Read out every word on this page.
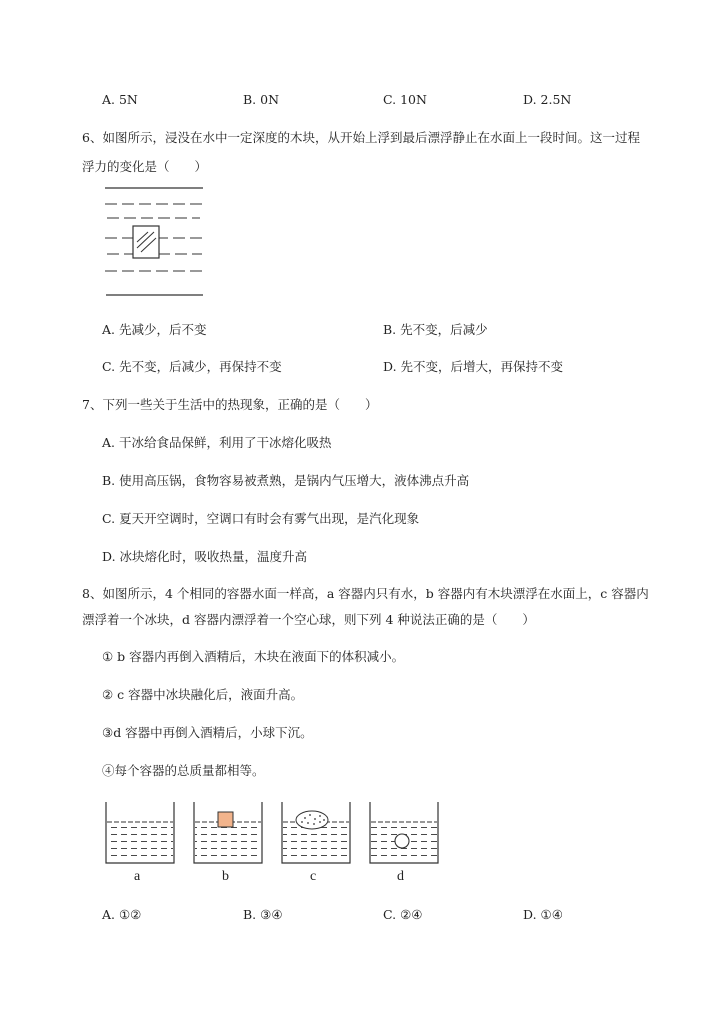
A. 5N	B. 0N	C. 10N	D. 2.5N
6、如图所示，浸没在水中一定深度的木块，从开始上浮到最后漂浮静止在水面上一段时间。这一过程
浮力的变化是（　　）
A. 先减少，后不变	B. 先不变，后减少
C. 先不变，后减少，再保持不变	D. 先不变，后增大，再保持不变
7、下列一些关于生活中的热现象，正确的是（　　）
A. 干冰给食品保鲜，利用了干冰熔化吸热
B. 使用高压锅，食物容易被煮熟，是锅内气压增大，液体沸点升高
C. 夏天开空调时，空调口有时会有雾气出现，是汽化现象
D. 冰块熔化时，吸收热量，温度升高
8、如图所示，4 个相同的容器水面一样高，a 容器内只有水，b 容器内有木块漂浮在水面上，c 容器内
漂浮着一个冰块，d 容器内漂浮着一个空心球，则下列 4 种说法正确的是（　　）
① b 容器内再倒入酒精后，木块在液面下的体积减小。
② c 容器中冰块融化后，液面升高。
③d 容器中再倒入酒精后，小球下沉。
④每个容器的总质量都相等。
a	b	c	d
A. ①②	B. ③④	C. ②④	D. ①④
